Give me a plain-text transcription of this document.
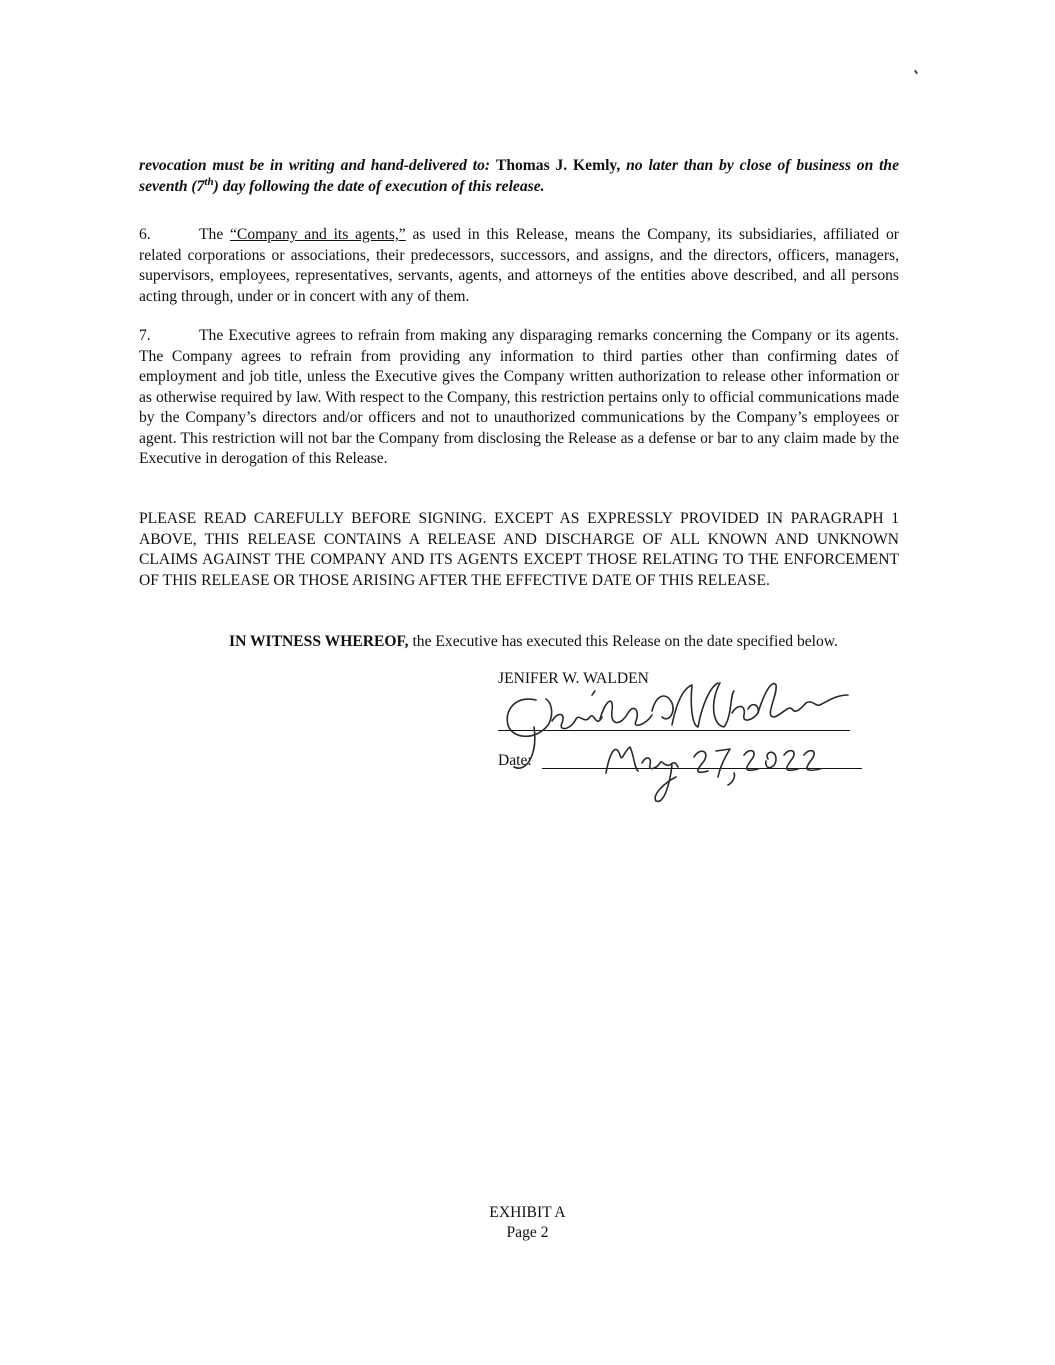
revocation must be in writing and hand-delivered to: Thomas J. Kemly, no later than by close of business on the seventh (7th) day following the date of execution of this release.

6.	The “Company and its agents,” as used in this Release, means the Company, its subsidiaries, affiliated or related corporations or associations, their predecessors, successors, and assigns, and the directors, officers, managers, supervisors, employees, representatives, servants, agents, and attorneys of the entities above described, and all persons acting through, under or in concert with any of them.

7.	The Executive agrees to refrain from making any disparaging remarks concerning the Company or its agents. The Company agrees to refrain from providing any information to third parties other than confirming dates of employment and job title, unless the Executive gives the Company written authorization to release other information or as otherwise required by law. With respect to the Company, this restriction pertains only to official communications made by the Company’s directors and/or officers and not to unauthorized communications by the Company’s employees or agent. This restriction will not bar the Company from disclosing the Release as a defense or bar to any claim made by the Executive in derogation of this Release.

PLEASE READ CAREFULLY BEFORE SIGNING. EXCEPT AS EXPRESSLY PROVIDED IN PARAGRAPH 1 ABOVE, THIS RELEASE CONTAINS A RELEASE AND DISCHARGE OF ALL KNOWN AND UNKNOWN CLAIMS AGAINST THE COMPANY AND ITS AGENTS EXCEPT THOSE RELATING TO THE ENFORCEMENT OF THIS RELEASE OR THOSE ARISING AFTER THE EFFECTIVE DATE OF THIS RELEASE.

IN WITNESS WHEREOF, the Executive has executed this Release on the date specified below.

JENIFER W. WALDEN

Date:

EXHIBIT A

Page 2
